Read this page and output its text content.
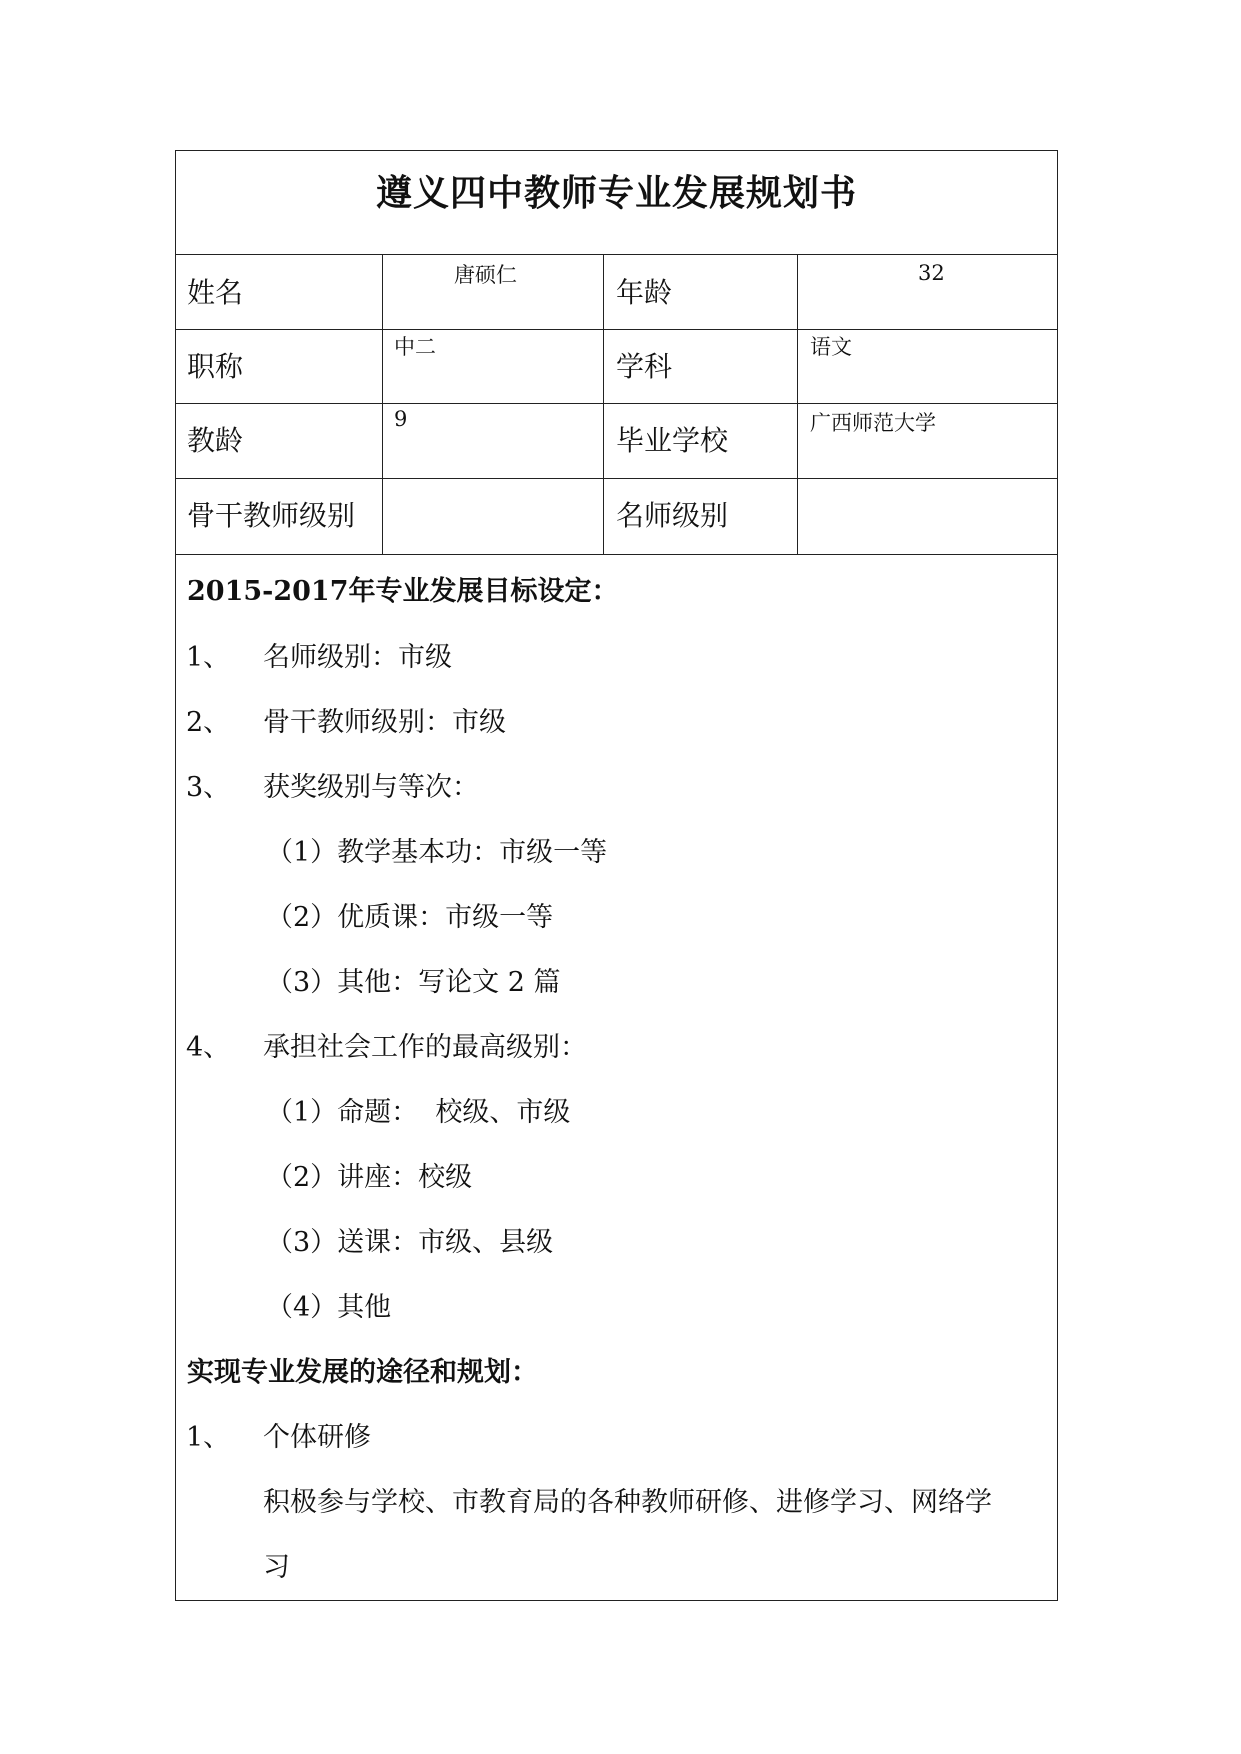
遵义四中教师专业发展规划书
姓名
唐硕仁
年龄
32
职称
中二
学科
语文
教龄
9
毕业学校
广西师范大学
骨干教师级别	名师级别
2015-2017年专业发展目标设定：
1、 名师级别：市级
2、 骨干教师级别：市级
3、 获奖级别与等次：
（1）教学基本功：市级一等
（2）优质课：市级一等
（3）其他：写论文 2 篇
4、 承担社会工作的最高级别：
（1）命题：  校级、市级
（2）讲座：校级
（3）送课：市级、县级
（4）其他
实现专业发展的途径和规划：
1、 个体研修
积极参与学校、市教育局的各种教师研修、进修学习、网络学
习
